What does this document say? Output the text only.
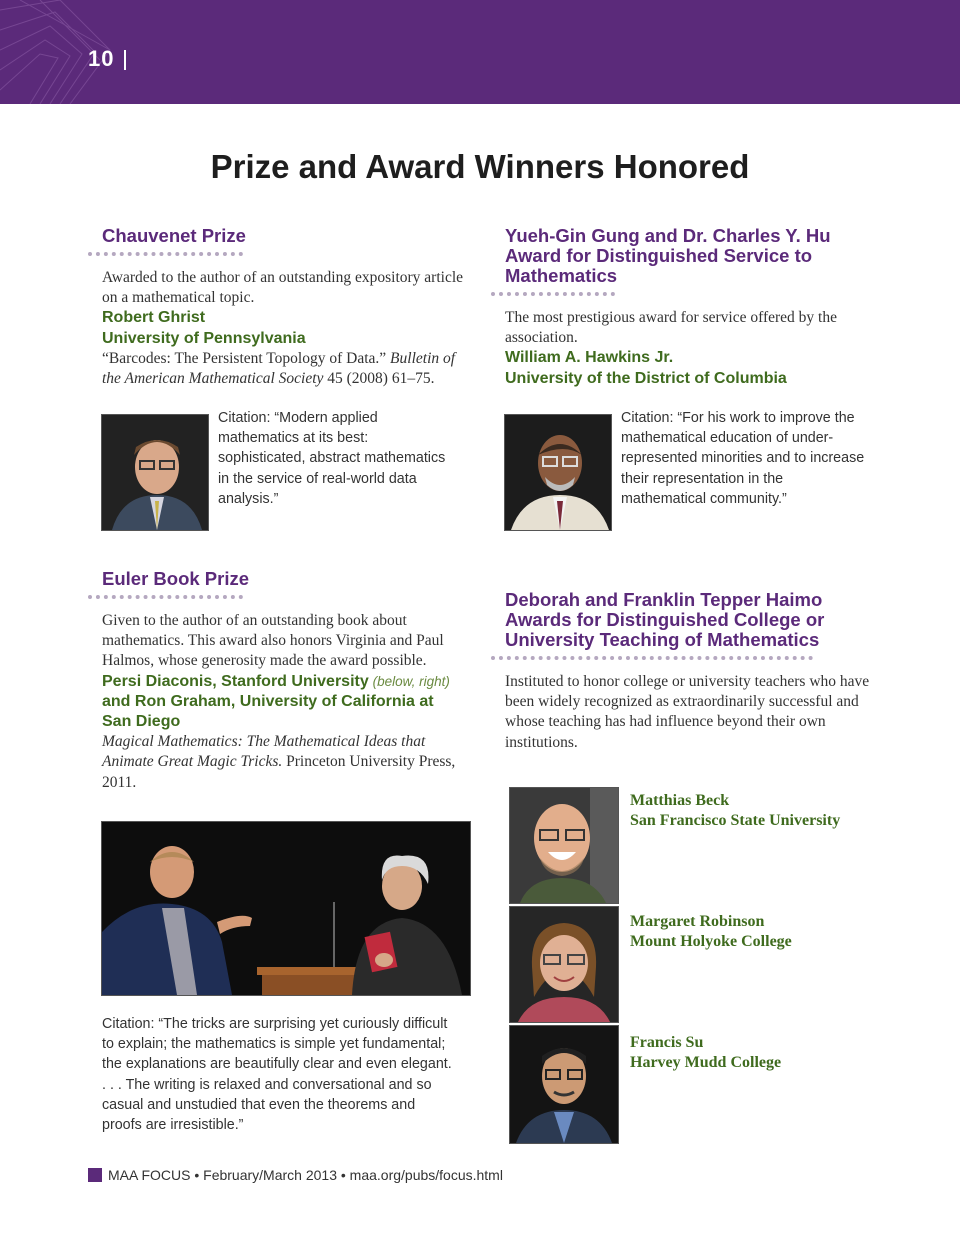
10
Prize and Award Winners Honored
Chauvenet Prize
Awarded to the author of an outstanding expository article on a mathematical topic.
Robert Ghrist
University of Pennsylvania
“Barcodes: The Persistent Topology of Data.” Bulletin of the American Mathematical Society 45 (2008) 61–75.
Citation: “Modern applied mathematics at its best: sophisticated, abstract mathematics in the service of real-world data analysis.”
Yueh-Gin Gung and Dr. Charles Y. Hu
Award for Distinguished Service to
Mathematics
The most prestigious award for service offered by the association.
William A. Hawkins Jr.
University of the District of Columbia
Citation: “For his work to improve the mathematical education of under-represented minorities and to increase their representation in the mathematical community.”
Euler Book Prize
Given to the author of an outstanding book about mathematics. This award also honors Virginia and Paul Halmos, whose generosity made the award possible.
Persi Diaconis, Stanford University (below, right) and Ron Graham, University of California at San Diego
Magical Mathematics: The Mathematical Ideas that Animate Great Magic Tricks. Princeton University Press, 2011.
Citation: “The tricks are surprising yet curiously difficult to explain; the mathematics is simple yet fundamental; the explanations are beautifully clear and even elegant. . . . The writing is relaxed and conversational and so casual and unstudied that even the theorems and proofs are irresistible.”
Deborah and Franklin Tepper Haimo
Awards for Distinguished College or
University Teaching of Mathematics
Instituted to honor college or university teachers who have been widely recognized as extraordinarily successful and whose teaching has had influence beyond their own institutions.
Matthias Beck
San Francisco State University
Margaret Robinson
Mount Holyoke College
Francis Su
Harvey Mudd College
MAA FOCUS • February/March 2013 • maa.org/pubs/focus.html
